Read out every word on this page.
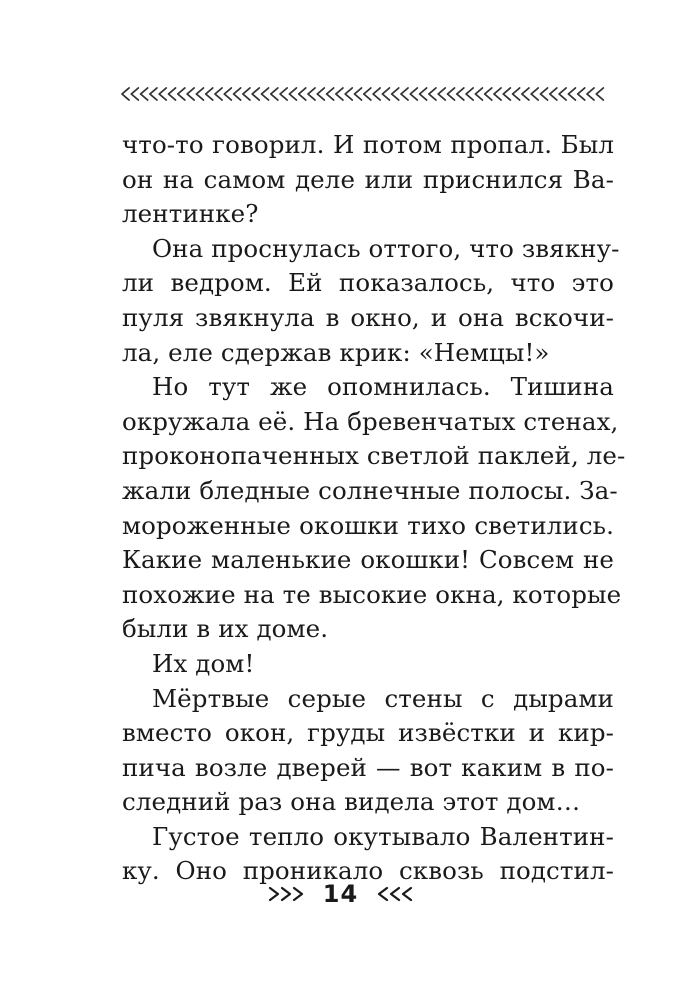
что-то говорил. И потом пропал. Был
он на самом деле или приснился Ва-
лентинке?
Она проснулась оттого, что звякну-
ли ведром. Ей показалось, что это
пуля звякнула в окно, и она вскочи-
ла, еле сдержав крик: «Немцы!»
Но тут же опомнилась. Тишина
окружала её. На бревенчатых стенах,
проконопаченных светлой паклей, ле-
жали бледные солнечные полосы. За-
мороженные окошки тихо светились.
Какие маленькие окошки! Совсем не
похожие на те высокие окна, которые
были в их доме.
Их дом!
Мёртвые серые стены с дырами
вместо окон, груды извёстки и кир-
пича возле дверей — вот каким в по-
следний раз она видела этот дом…
Густое тепло окутывало Валентин-
ку. Оно проникало сквозь подстил-
14
